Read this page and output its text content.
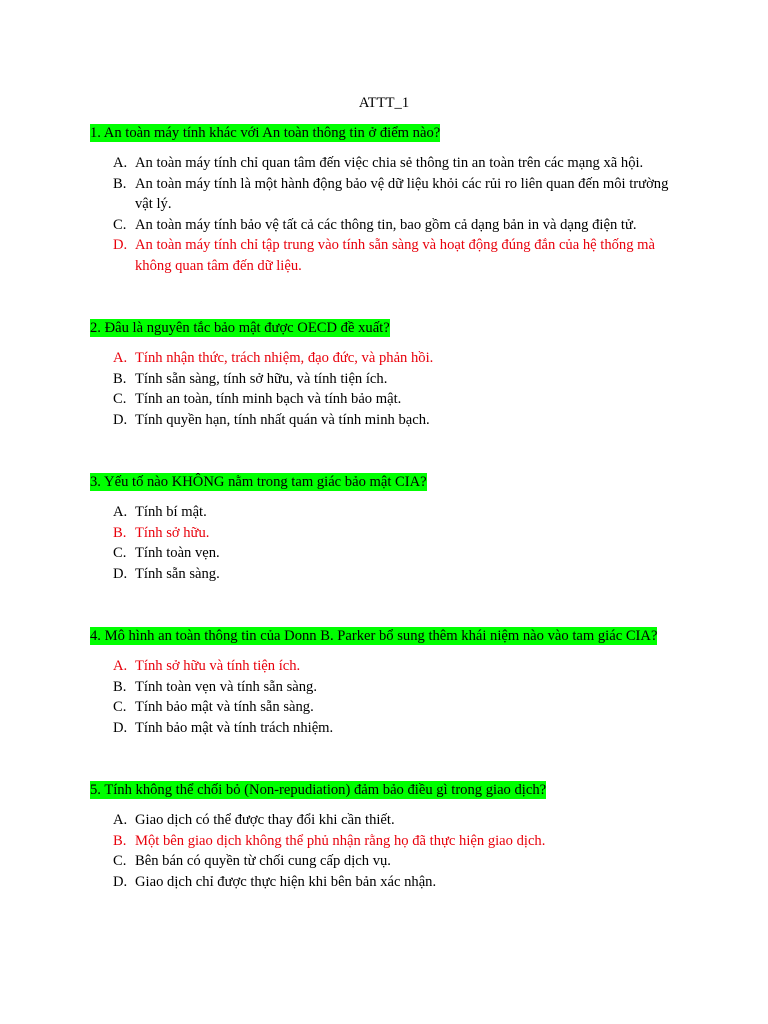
ATTT_1
1. An toàn máy tính khác với An toàn thông tin ở điểm nào?
A. An toàn máy tính chỉ quan tâm đến việc chia sẻ thông tin an toàn trên các mạng xã hội.
B. An toàn máy tính là một hành động bảo vệ dữ liệu khỏi các rủi ro liên quan đến môi trường vật lý.
C. An toàn máy tính bảo vệ tất cả các thông tin, bao gồm cả dạng bản in và dạng điện tử.
D. An toàn máy tính chỉ tập trung vào tính sẵn sàng và hoạt động đúng đắn của hệ thống mà không quan tâm đến dữ liệu.
2. Đâu là nguyên tắc bảo mật được OECD đề xuất?
A. Tính nhận thức, trách nhiệm, đạo đức, và phản hồi.
B. Tính sẵn sàng, tính sở hữu, và tính tiện ích.
C. Tính an toàn, tính minh bạch và tính bảo mật.
D. Tính quyền hạn, tính nhất quán và tính minh bạch.
3. Yếu tố nào KHÔNG nằm trong tam giác bảo mật CIA?
A. Tính bí mật.
B. Tính sở hữu.
C. Tính toàn vẹn.
D. Tính sẵn sàng.
4. Mô hình an toàn thông tin của Donn B. Parker bổ sung thêm khái niệm nào vào tam giác CIA?
A. Tính sở hữu và tính tiện ích.
B. Tính toàn vẹn và tính sẵn sàng.
C. Tính bảo mật và tính sẵn sàng.
D. Tính bảo mật và tính trách nhiệm.
5. Tính không thể chối bỏ (Non-repudiation) đảm bảo điều gì trong giao dịch?
A. Giao dịch có thể được thay đổi khi cần thiết.
B. Một bên giao dịch không thể phủ nhận rằng họ đã thực hiện giao dịch.
C. Bên bán có quyền từ chối cung cấp dịch vụ.
D. Giao dịch chỉ được thực hiện khi bên bản xác nhận.
